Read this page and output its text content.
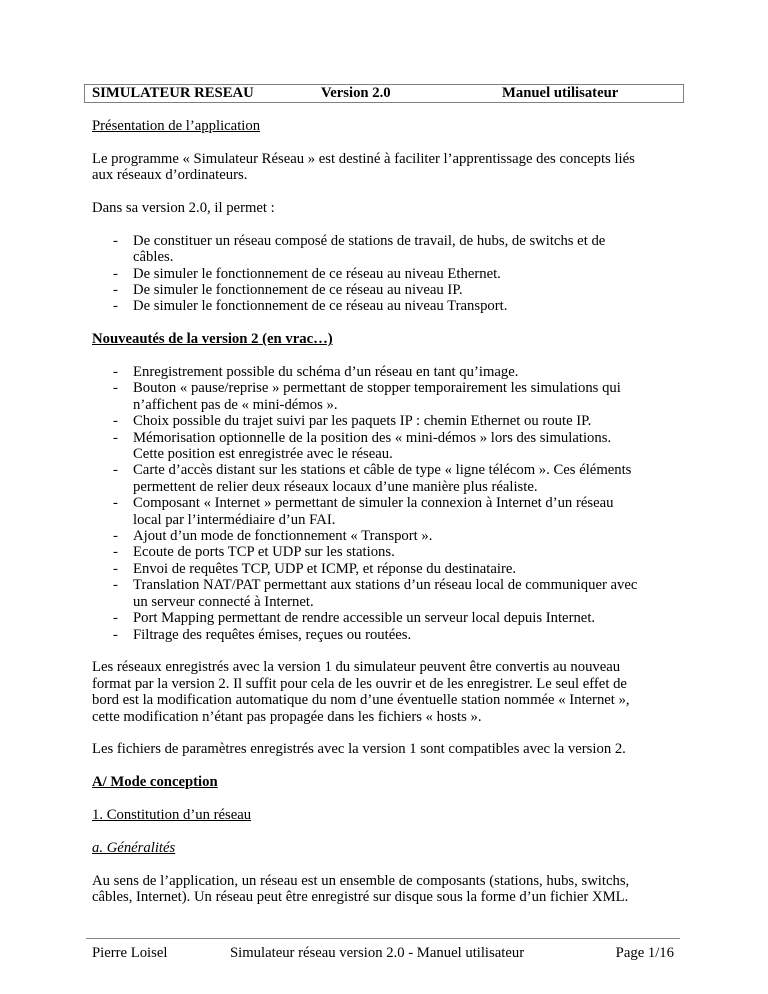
SIMULATEUR RESEAU	Version 2.0	Manuel utilisateur

Présentation de l’application

Le programme « Simulateur Réseau » est destiné à faciliter l’apprentissage des concepts liés
aux réseaux d’ordinateurs.

Dans sa version 2.0, il permet :

- De constituer un réseau composé de stations de travail, de hubs, de switchs et de
câbles.
- De simuler le fonctionnement de ce réseau au niveau Ethernet.
- De simuler le fonctionnement de ce réseau au niveau IP.
- De simuler le fonctionnement de ce réseau au niveau Transport.

Nouveautés de la version 2 (en vrac…)

- Enregistrement possible du schéma d’un réseau en tant qu’image.
- Bouton « pause/reprise » permettant de stopper temporairement les simulations qui
n’affichent pas de « mini-démos ».
- Choix possible du trajet suivi par les paquets IP : chemin Ethernet ou route IP.
- Mémorisation optionnelle de la position des « mini-démos » lors des simulations.
Cette position est enregistrée avec le réseau.
- Carte d’accès distant sur les stations et câble de type « ligne télécom ». Ces éléments
permettent de relier deux réseaux locaux d’une manière plus réaliste.
- Composant « Internet » permettant de simuler la connexion à Internet d’un réseau
local par l’intermédiaire d’un FAI.
- Ajout d’un mode de fonctionnement « Transport ».
- Ecoute de ports TCP et UDP sur les stations.
- Envoi de requêtes TCP, UDP et ICMP, et réponse du destinataire.
- Translation NAT/PAT permettant aux stations d’un réseau local de communiquer avec
un serveur connecté à Internet.
- Port Mapping permettant de rendre accessible un serveur local depuis Internet.
- Filtrage des requêtes émises, reçues ou routées.

Les réseaux enregistrés avec la version 1 du simulateur peuvent être convertis au nouveau
format par la version 2. Il suffit pour cela de les ouvrir et de les enregistrer. Le seul effet de
bord est la modification automatique du nom d’une éventuelle station nommée « Internet »,
cette modification n’étant pas propagée dans les fichiers « hosts ».

Les fichiers de paramètres enregistrés avec la version 1 sont compatibles avec la version 2.

A/ Mode conception

1. Constitution d’un réseau

a. Généralités

Au sens de l’application, un réseau est un ensemble de composants (stations, hubs, switchs,
câbles, Internet). Un réseau peut être enregistré sur disque sous la forme d’un fichier XML.

Pierre Loisel	Simulateur réseau version 2.0 - Manuel utilisateur	Page 1/16
